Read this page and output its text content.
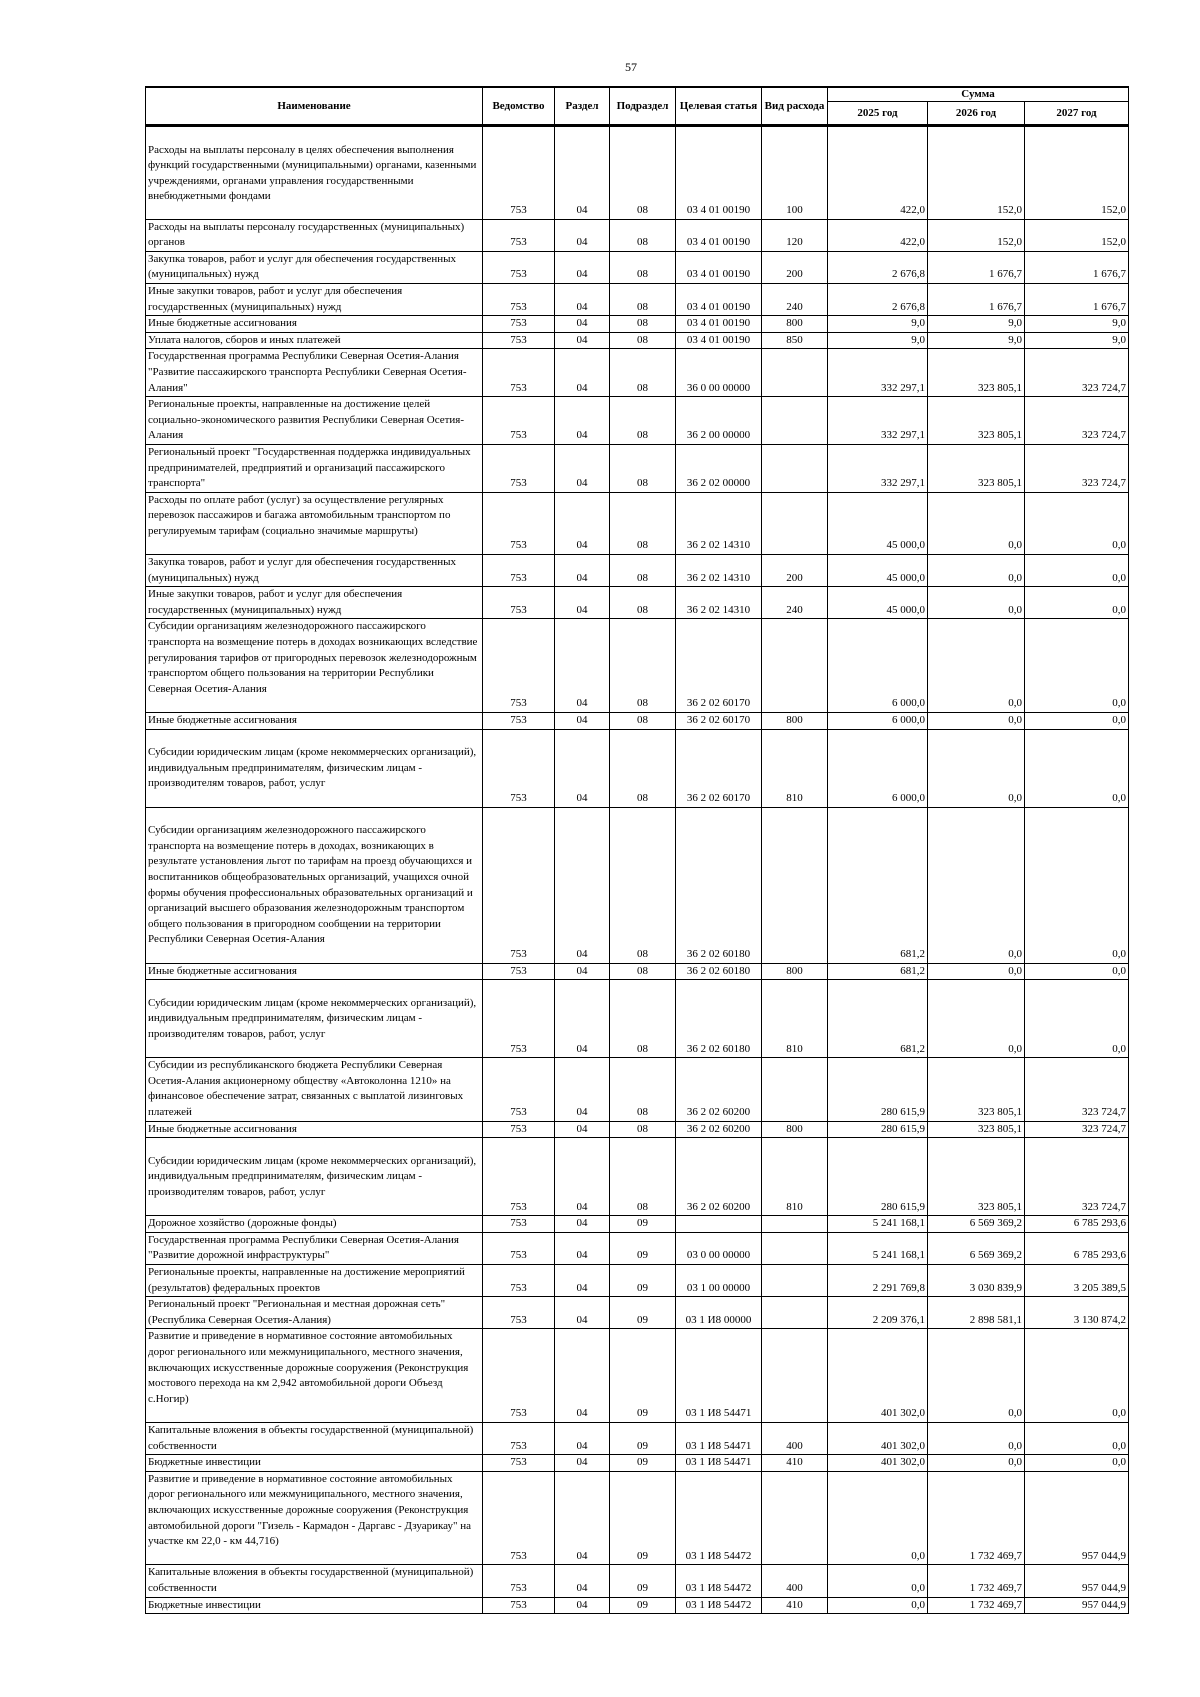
57
Наименование	Ведомство	Раздел	Подраздел	Целевая статья	Вид расхода	Сумма		
						2025 год	2026 год	2027 год
Расходы на выплаты персоналу в целях обеспечения выполнения функций государственными (муниципальными) органами, казенными учреждениями, органами управления государственными внебюджетными фондами	753	04	08	03 4 01 00190	100	422,0	152,0	152,0
Расходы на выплаты персоналу государственных (муниципальных) органов	753	04	08	03 4 01 00190	120	422,0	152,0	152,0
Закупка товаров, работ и услуг для обеспечения государственных (муниципальных) нужд	753	04	08	03 4 01 00190	200	2 676,8	1 676,7	1 676,7
Иные закупки товаров, работ и услуг для обеспечения государственных (муниципальных) нужд	753	04	08	03 4 01 00190	240	2 676,8	1 676,7	1 676,7
Иные бюджетные ассигнования	753	04	08	03 4 01 00190	800	9,0	9,0	9,0
Уплата налогов, сборов и иных платежей	753	04	08	03 4 01 00190	850	9,0	9,0	9,0
Государственная программа Республики Северная Осетия-Алания "Развитие пассажирского транспорта Республики Северная Осетия-Алания"	753	04	08	36 0 00 00000		332 297,1	323 805,1	323 724,7
Региональные проекты, направленные на достижение целей социально-экономического развития Республики Северная Осетия-Алания	753	04	08	36 2 00 00000		332 297,1	323 805,1	323 724,7
Региональный проект "Государственная поддержка индивидуальных предпринимателей, предприятий и организаций пассажирского транспорта"	753	04	08	36 2 02 00000		332 297,1	323 805,1	323 724,7
Расходы по оплате работ (услуг) за осуществление регулярных перевозок пассажиров и багажа автомобильным транспортом по регулируемым тарифам (социально значимые маршруты)	753	04	08	36 2 02 14310		45 000,0	0,0	0,0
Закупка товаров, работ и услуг для обеспечения государственных (муниципальных) нужд	753	04	08	36 2 02 14310	200	45 000,0	0,0	0,0
Иные закупки товаров, работ и услуг для обеспечения государственных (муниципальных) нужд	753	04	08	36 2 02 14310	240	45 000,0	0,0	0,0
Субсидии организациям железнодорожного пассажирского транспорта на возмещение потерь в доходах возникающих вследствие регулирования тарифов от пригородных перевозок железнодорожным транспортом общего пользования на территории Республики Северная Осетия-Алания	753	04	08	36 2 02 60170		6 000,0	0,0	0,0
Иные бюджетные ассигнования	753	04	08	36 2 02 60170	800	6 000,0	0,0	0,0
Субсидии юридическим лицам (кроме некоммерческих организаций), индивидуальным предпринимателям, физическим лицам - производителям товаров, работ, услуг	753	04	08	36 2 02 60170	810	6 000,0	0,0	0,0
Субсидии организациям железнодорожного пассажирского транспорта на возмещение потерь в доходах, возникающих в результате установления льгот по тарифам на проезд обучающихся и воспитанников общеобразовательных организаций, учащихся очной формы обучения профессиональных образовательных организаций и организаций высшего образования железнодорожным транспортом общего пользования в пригородном сообщении на территории Республики Северная Осетия-Алания	753	04	08	36 2 02 60180		681,2	0,0	0,0
Иные бюджетные ассигнования	753	04	08	36 2 02 60180	800	681,2	0,0	0,0
Субсидии юридическим лицам (кроме некоммерческих организаций), индивидуальным предпринимателям, физическим лицам - производителям товаров, работ, услуг	753	04	08	36 2 02 60180	810	681,2	0,0	0,0
Субсидии из республиканского бюджета Республики Северная Осетия-Алания акционерному обществу «Автоколонна 1210» на финансовое обеспечение затрат, связанных с выплатой лизинговых платежей	753	04	08	36 2 02 60200		280 615,9	323 805,1	323 724,7
Иные бюджетные ассигнования	753	04	08	36 2 02 60200	800	280 615,9	323 805,1	323 724,7
Субсидии юридическим лицам (кроме некоммерческих организаций), индивидуальным предпринимателям, физическим лицам - производителям товаров, работ, услуг	753	04	08	36 2 02 60200	810	280 615,9	323 805,1	323 724,7
Дорожное хозяйство (дорожные фонды)	753	04	09			5 241 168,1	6 569 369,2	6 785 293,6
Государственная программа Республики Северная Осетия-Алания "Развитие дорожной инфраструктуры"	753	04	09	03 0 00 00000		5 241 168,1	6 569 369,2	6 785 293,6
Региональные проекты, направленные на достижение мероприятий (результатов) федеральных проектов	753	04	09	03 1 00 00000		2 291 769,8	3 030 839,9	3 205 389,5
Региональный проект "Региональная и местная дорожная сеть" (Республика Северная Осетия-Алания)	753	04	09	03 1 И8 00000		2 209 376,1	2 898 581,1	3 130 874,2
Развитие и приведение в нормативное состояние автомобильных дорог регионального или межмуниципального, местного значения, включающих искусственные дорожные сооружения (Реконструкция мостового перехода на км 2,942 автомобильной дороги Объезд с.Ногир)	753	04	09	03 1 И8 54471		401 302,0	0,0	0,0
Капитальные вложения в объекты государственной (муниципальной) собственности	753	04	09	03 1 И8 54471	400	401 302,0	0,0	0,0
Бюджетные инвестиции	753	04	09	03 1 И8 54471	410	401 302,0	0,0	0,0
Развитие и приведение в нормативное состояние автомобильных дорог регионального или межмуниципального, местного значения, включающих искусственные дорожные сооружения (Реконструкция автомобильной дороги "Гизель - Кармадон - Даргавс - Дзуарикау" на участке км 22,0 - км 44,716)	753	04	09	03 1 И8 54472		0,0	1 732 469,7	957 044,9
Капитальные вложения в объекты государственной (муниципальной) собственности	753	04	09	03 1 И8 54472	400	0,0	1 732 469,7	957 044,9
Бюджетные инвестиции	753	04	09	03 1 И8 54472	410	0,0	1 732 469,7	957 044,9
